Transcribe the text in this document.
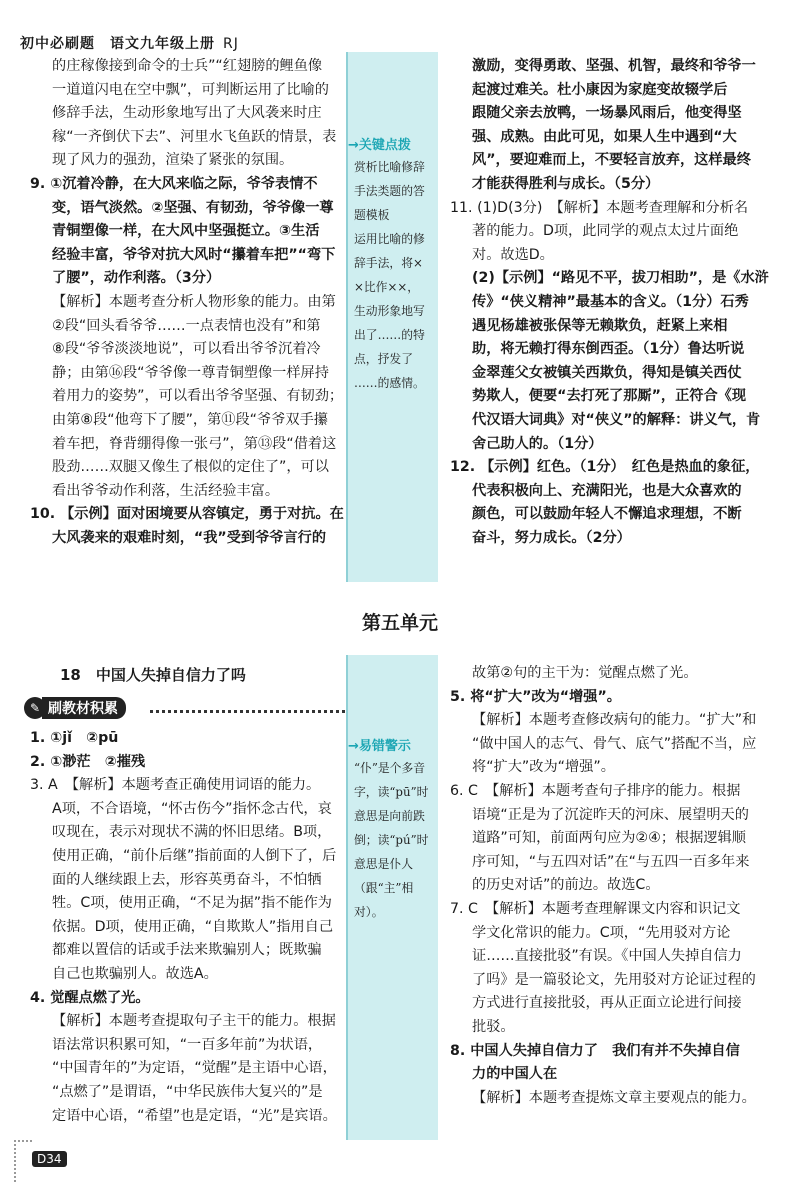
初中必刷题　语文九年级上册 RJ

的庄稼像接到命令的士兵”“红翅膀的鲤鱼像

一道道闪电在空中飘”，可判断运用了比喻的

修辞手法，生动形象地写出了大风袭来时庄

稼“一齐倒伏下去”、河里水飞鱼跃的情景，表

现了风力的强劲，渲染了紧张的氛围。

9. ①沉着冷静，在大风来临之际，爷爷表情不

变，语气淡然。②坚强、有韧劲，爷爷像一尊

青铜塑像一样，在大风中坚强挺立。③生活

经验丰富，爷爷对抗大风时“攥着车把”“弯下

了腰”，动作利落。（3分）

【解析】本题考查分析人物形象的能力。由第

②段“回头看爷爷……一点表情也没有”和第

⑧段“爷爷淡淡地说”，可以看出爷爷沉着冷

静；由第⑯段“爷爷像一尊青铜塑像一样屏持

着用力的姿势”，可以看出爷爷坚强、有韧劲；

由第⑧段“他弯下了腰”，第⑪段“爷爷双手攥

着车把，脊背绷得像一张弓”，第⑬段“借着这

股劲……双腿又像生了根似的定住了”，可以

看出爷爷动作利落，生活经验丰富。

10. 【示例】面对困境要从容镇定，勇于对抗。在

大风袭来的艰难时刻，“我”受到爷爷言行的

→关键点拨
赏析比喻修辞
手法类题的答
题模板
运用比喻的修
辞手法，将×
×比作××，
生动形象地写
出了……的特
点，抒发了
……的感情。

激励，变得勇敢、坚强、机智，最终和爷爷一

起渡过难关。杜小康因为家庭变故辍学后

跟随父亲去放鸭，一场暴风雨后，他变得坚

强、成熟。由此可见，如果人生中遇到“大

风”，要迎难而上，不要轻言放弃，这样最终

才能获得胜利与成长。（5分）

11. (1)D(3分)　【解析】本题考查理解和分析名

著的能力。D项，此同学的观点太过片面绝

对。故选D。

(2)【示例】“路见不平，拔刀相助”，是《水浒

传》“侠义精神”最基本的含义。（1分）石秀

遇见杨雄被张保等无赖欺负，赶紧上来相

助，将无赖打得东倒西歪。（1分）鲁达听说

金翠莲父女被镇关西欺负，得知是镇关西仗

势欺人，便要“去打死了那厮”，正符合《现

代汉语大词典》对“侠义”的解释：讲义气，肯

舍己助人的。（1分）

12. 【示例】红色。（1分）　红色是热血的象征，

代表积极向上、充满阳光，也是大众喜欢的

颜色，可以鼓励年轻人不懈追求理想，不断

奋斗，努力成长。（2分）

第五单元
18　中国人失掉自信力了吗
✎ 刷教材积累

1. ①jǐ　②pū

2. ①渺茫　②摧残

3. A　【解析】本题考查正确使用词语的能力。

A项，不合语境，“怀古伤今”指怀念古代，哀

叹现在，表示对现状不满的怀旧思绪。B项，

使用正确，“前仆后继”指前面的人倒下了，后

面的人继续跟上去，形容英勇奋斗，不怕牺

牲。C项，使用正确，“不足为据”指不能作为

依据。D项，使用正确，“自欺欺人”指用自己

都难以置信的话或手法来欺骗别人；既欺骗

自己也欺骗别人。故选A。

4. 觉醒点燃了光。

【解析】本题考查提取句子主干的能力。根据

语法常识积累可知，“一百多年前”为状语，

“中国青年的”为定语，“觉醒”是主语中心语，

“点燃了”是谓语，“中华民族伟大复兴的”是

定语中心语，“希望”也是定语，“光”是宾语。

→易错警示
“仆”是个多音
字，读“pū”时
意思是向前跌
倒；读“pú”时
意思是仆人
（跟“主”相对）。

故第②句的主干为：觉醒点燃了光。

5. 将“扩大”改为“增强”。

【解析】本题考查修改病句的能力。“扩大”和

“做中国人的志气、骨气、底气”搭配不当，应

将“扩大”改为“增强”。

6. C　【解析】本题考查句子排序的能力。根据

语境“正是为了沉淀昨天的河床、展望明天的

道路”可知，前面两句应为②④；根据逻辑顺

序可知，“与五四对话”在“与五四一百多年来

的历史对话”的前边。故选C。

7. C　【解析】本题考查理解课文内容和识记文

学文化常识的能力。C项，“先用驳对方论

证……直接批驳”有误。《中国人失掉自信力

了吗》是一篇驳论文，先用驳对方论证过程的

方式进行直接批驳，再从正面立论进行间接

批驳。

8. 中国人失掉自信力了　我们有并不失掉自信

力的中国人在

【解析】本题考查提炼文章主要观点的能力。

D34
